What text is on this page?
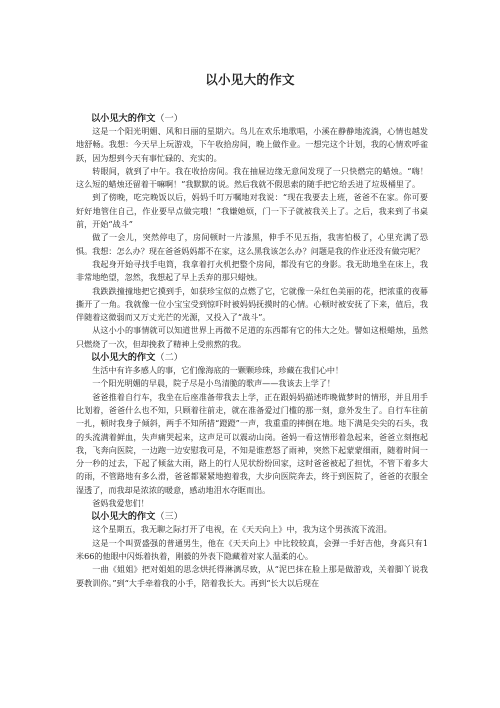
以小见大的作文
以小见大的作文（一）

这是一个阳光明媚、风和日丽的星期六。鸟儿在欢乐地歌唱，小溪在静静地流淌，心情也越发地舒畅。我想：今天早上玩游戏，下午收拾房间，晚上做作业。一想完这个计划，我的心情欢呼雀跃，因为想到今天有事忙碌的、充实的。

转眼间，就到了中午。我在收拾房间。我在抽屉边缘无意间发现了一只快燃完的蜡烛。“嗨！这么短的蜡烛还留着干嘛啊！”我默默的说。然后我就不假思索的随手把它给丢进了垃圾桶里了。

到了傍晚，吃完晚饭以后，妈妈千叮万嘱地对我说：“现在我要去上班，爸爸不在家。你可要好好地管住自己，作业要早点做完哦！”我嫌她烦，门一下子就被我关上了。之后，我来到了书桌前，开始“战斗”

做了一会儿，突然停电了，房间顿时一片漆黑，伸手不见五指，我害怕极了，心里充满了恐惧。我想：怎么办？现在爸爸妈妈都不在家，这么黑我该怎么办？问题是我的作业还没有做完呢？

我起身开始寻找手电筒，我拿着打火机把整个房间，都没有它的身影。我无助地坐在床上，我非常地绝望，忽然，我想起了早上丢弃的那只蜡烛。

我跌跌撞撞地把它摸到手，如获珍宝似的点燃了它，它就像一朵红色美丽的花，把浓重的夜幕撕开了一角。我就像一位小宝宝受到惊吓时被妈妈抚摸时的心情。心顿时被安抚了下来，值后，我伴随着这微弱而又万丈光芒的光源，又投入了“战斗”。

从这小小的事情就可以知道世界上再微不足道的东西都有它的伟大之处。譬如这根蜡烛，虽然只燃烧了一次，但却挽救了精神上受煎熬的我。

以小见大的作文（二）

生活中有许多感人的事，它们像海底的一颗颗珍珠，珍藏在我们心中！

一个阳光明媚的早晨，院子尽是小鸟清脆的歌声——我该去上学了！

爸爸推着自行车，我坐在后座准备带我去上学，正在跟妈妈描述昨晚做梦时的情形，并且用手比划着，爸爸什么也不知，只顾着往前走，就在准备爱过门槛的那一刻，意外发生了。自行车往前一扎，顿时我身子倾斜，两手不知所措“蹬蹬”一声，我重重的摔倒在地。地下满是尖尖的石头，我的头流满着鲜血，失声痛哭起来，这声足可以震动山岗。爸妈一看这情形着急起来，爸爸立刻抱起我，飞奔向医院，一边跑一边安慰我可是，不知是谁惹怒了雨神，突然下起蒙蒙细雨，随着时间一分一秒的过去，下起了倾盆大雨，路上的行人见状纷纷回家，这时爸爸被起了担忧，不管下着多大的雨，不管路地有多么滑，爸爸都紧紧地抱着我，大步向医院奔去，终于到医院了，爸爸的衣服全湿透了，而我却是浓浓的暖意，感动地泪水夺眶而出。

爸妈我爱您们！

以小见大的作文（三）

这个星期五，我无聊之际打开了电视，在《天天向上》中，我为这个男孩流下流泪。

这是一个叫贾盛强的普通男生，他在《天天向上》中比较较真，会弹一手好吉他，身高只有1米66的他眼中闪烁着执着，刚毅的外表下隐藏着对家人温柔的心。

一曲《姐姐》把对姐姐的思念烘托得淋漓尽致，从“泥巴抹在脸上那是做游戏，关着脚丫说我要教训你。”到“大手牵着我的小手，陪着我长大。再到“长大以后现在
